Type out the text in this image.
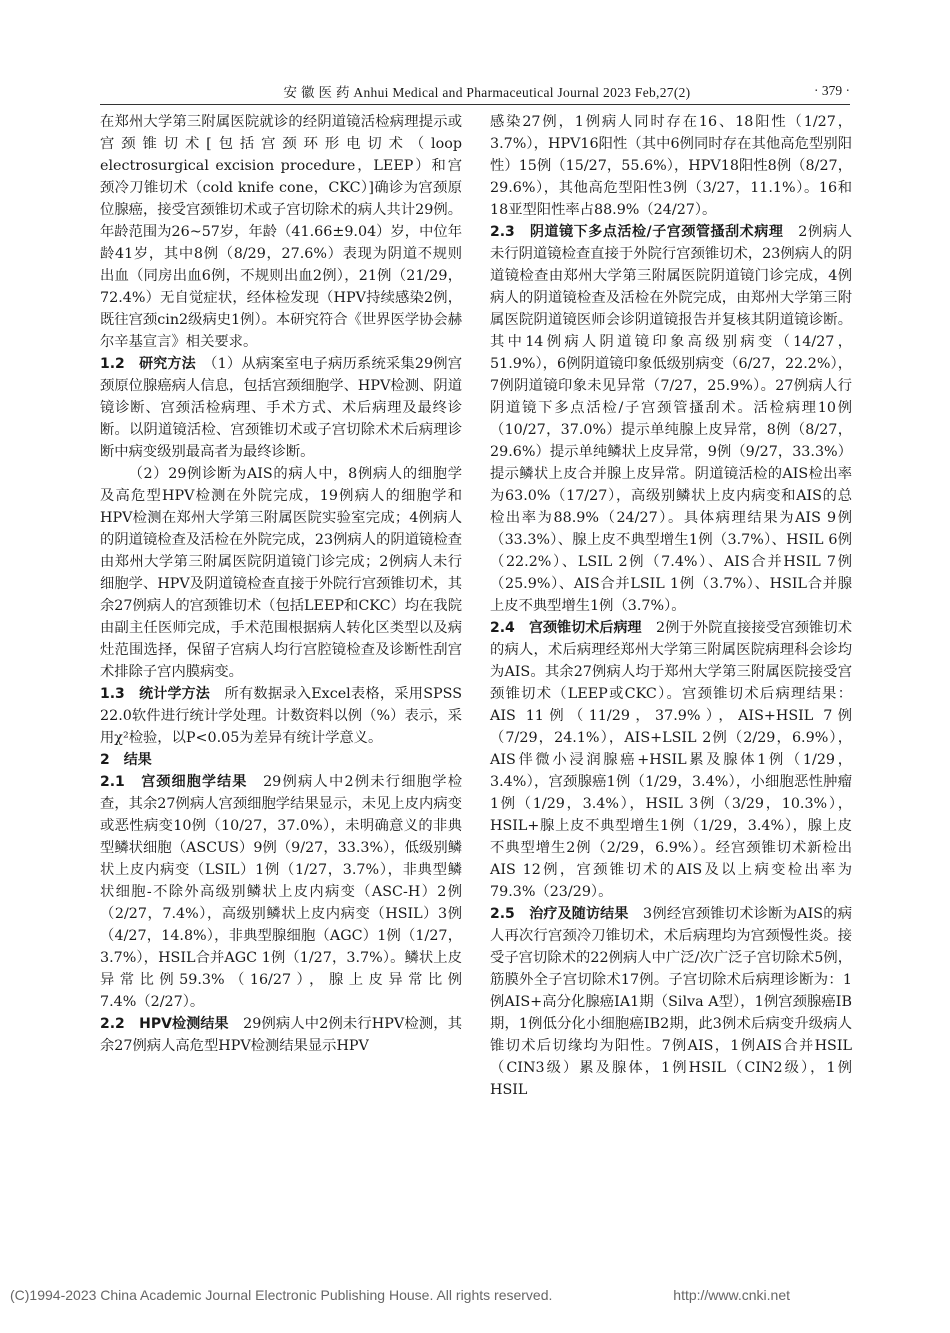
安 徽 医 药 Anhui Medical and Pharmaceutical Journal 2023 Feb,27(2)	· 379 ·

在郑州大学第三附属医院就诊的经阴道镜活检病理提示或宫颈锥切术[包括宫颈环形电切术（loop electrosurgical excision procedure，LEEP）和宫颈冷刀锥切术（cold knife cone，CKC）]确诊为宫颈原位腺癌，接受宫颈锥切术或子宫切除术的病人共计29例。年龄范围为26~57岁，年龄（41.66±9.04）岁，中位年龄41岁，其中8例（8/29，27.6%）表现为阴道不规则出血（同房出血6例，不规则出血2例），21例（21/29，72.4%）无自觉症状，经体检发现（HPV持续感染2例，既往宫颈cin2级病史1例）。本研究符合《世界医学协会赫尔辛基宣言》相关要求。

1.2　研究方法　 （1）从病案室电子病历系统采集29例宫颈原位腺癌病人信息，包括宫颈细胞学、HPV检测、阴道镜诊断、宫颈活检病理、手术方式、术后病理及最终诊断。以阴道镜活检、宫颈锥切术或子宫切除术术后病理诊断中病变级别最高者为最终诊断。

（2）29例诊断为AIS的病人中，8例病人的细胞学及高危型HPV检测在外院完成，19例病人的细胞学和HPV检测在郑州大学第三附属医院实验室完成；4例病人的阴道镜检查及活检在外院完成，23例病人的阴道镜检查由郑州大学第三附属医院阴道镜门诊完成；2例病人未行细胞学、HPV及阴道镜检查直接于外院行宫颈锥切术，其余27例病人的宫颈锥切术（包括LEEP和CKC）均在我院由副主任医师完成，手术范围根据病人转化区类型以及病灶范围选择，保留子宫病人均行宫腔镜检查及诊断性刮宫术排除子宫内膜病变。

1.3　统计学方法　 所有数据录入Excel表格，采用SPSS 22.0软件进行统计学处理。计数资料以例（%）表示，采用χ²检验，以P<0.05为差异有统计学意义。

2　结果

2.1　宫颈细胞学结果　 29例病人中2例未行细胞学检查，其余27例病人宫颈细胞学结果显示，未见上皮内病变或恶性病变10例（10/27，37.0%），未明确意义的非典型鳞状细胞（ASCUS）9例（9/27，33.3%），低级别鳞状上皮内病变（LSIL）1例（1/27，3.7%），非典型鳞状细胞-不除外高级别鳞状上皮内病变（ASC-H）2例（2/27，7.4%），高级别鳞状上皮内病变（HSIL）3例（4/27，14.8%），非典型腺细胞（AGC）1例（1/27，3.7%），HSIL合并AGC 1例（1/27，3.7%）。鳞状上皮异常比例59.3%（16/27），腺上皮异常比例7.4%（2/27）。

2.2　HPV检测结果　 29例病人中2例未行HPV检测，其余27例病人高危型HPV检测结果显示HPV

感染27例，1例病人同时存在16、18阳性（1/27，3.7%），HPV16阳性（其中6例同时存在其他高危型别阳性）15例（15/27，55.6%），HPV18阳性8例（8/27，29.6%），其他高危型阳性3例（3/27，11.1%）。16和18亚型阳性率占88.9%（24/27）。

2.3　阴道镜下多点活检/子宫颈管搔刮术病理　 2例病人未行阴道镜检查直接于外院行宫颈锥切术，23例病人的阴道镜检查由郑州大学第三附属医院阴道镜门诊完成，4例病人的阴道镜检查及活检在外院完成，由郑州大学第三附属医院阴道镜医师会诊阴道镜报告并复核其阴道镜诊断。其中14例病人阴道镜印象高级别病变（14/27，51.9%），6例阴道镜印象低级别病变（6/27，22.2%），7例阴道镜印象未见异常（7/27，25.9%）。27例病人行阴道镜下多点活检/子宫颈管搔刮术。活检病理10例（10/27，37.0%）提示单纯腺上皮异常，8例（8/27，29.6%）提示单纯鳞状上皮异常，9例（9/27，33.3%）提示鳞状上皮合并腺上皮异常。阴道镜活检的AIS检出率为63.0%（17/27），高级别鳞状上皮内病变和AIS的总检出率为88.9%（24/27）。具体病理结果为AIS 9例（33.3%）、腺上皮不典型增生1例（3.7%）、HSIL 6例（22.2%）、LSIL 2例（7.4%）、AIS合并HSIL 7例（25.9%）、AIS合并LSIL 1例（3.7%）、HSIL合并腺上皮不典型增生1例（3.7%）。

2.4　宫颈锥切术后病理　 2例于外院直接接受宫颈锥切术的病人，术后病理经郑州大学第三附属医院病理科会诊均为AIS。其余27例病人均于郑州大学第三附属医院接受宫颈锥切术（LEEP或CKC）。宫颈锥切术后病理结果：AIS 11例（11/29，37.9%），AIS+HSIL 7例（7/29，24.1%），AIS+LSIL 2例（2/29，6.9%），AIS伴微小浸润腺癌+HSIL累及腺体1例（1/29，3.4%），宫颈腺癌1例（1/29，3.4%），小细胞恶性肿瘤1例（1/29，3.4%），HSIL 3例（3/29，10.3%），HSIL+腺上皮不典型增生1例（1/29，3.4%），腺上皮不典型增生2例（2/29，6.9%）。经宫颈锥切术新检出AIS 12例，宫颈锥切术的AIS及以上病变检出率为79.3%（23/29）。

2.5　治疗及随访结果　 3例经宫颈锥切术诊断为AIS的病人再次行宫颈冷刀锥切术，术后病理均为宫颈慢性炎。接受子宫切除术的22例病人中广泛/次广泛子宫切除术5例，筋膜外全子宫切除术17例。子宫切除术后病理诊断为：1例AIS+高分化腺癌ⅠA1期（Silva A型），1例宫颈腺癌ⅠB期，1例低分化小细胞癌ⅠB2期，此3例术后病变升级病人锥切术后切缘均为阳性。7例AIS，1例AIS合并HSIL（CIN3级）累及腺体，1例HSIL（CIN2级），1例HSIL

(C)1994-2023 China Academic Journal Electronic Publishing House. All rights reserved.	http://www.cnki.net
